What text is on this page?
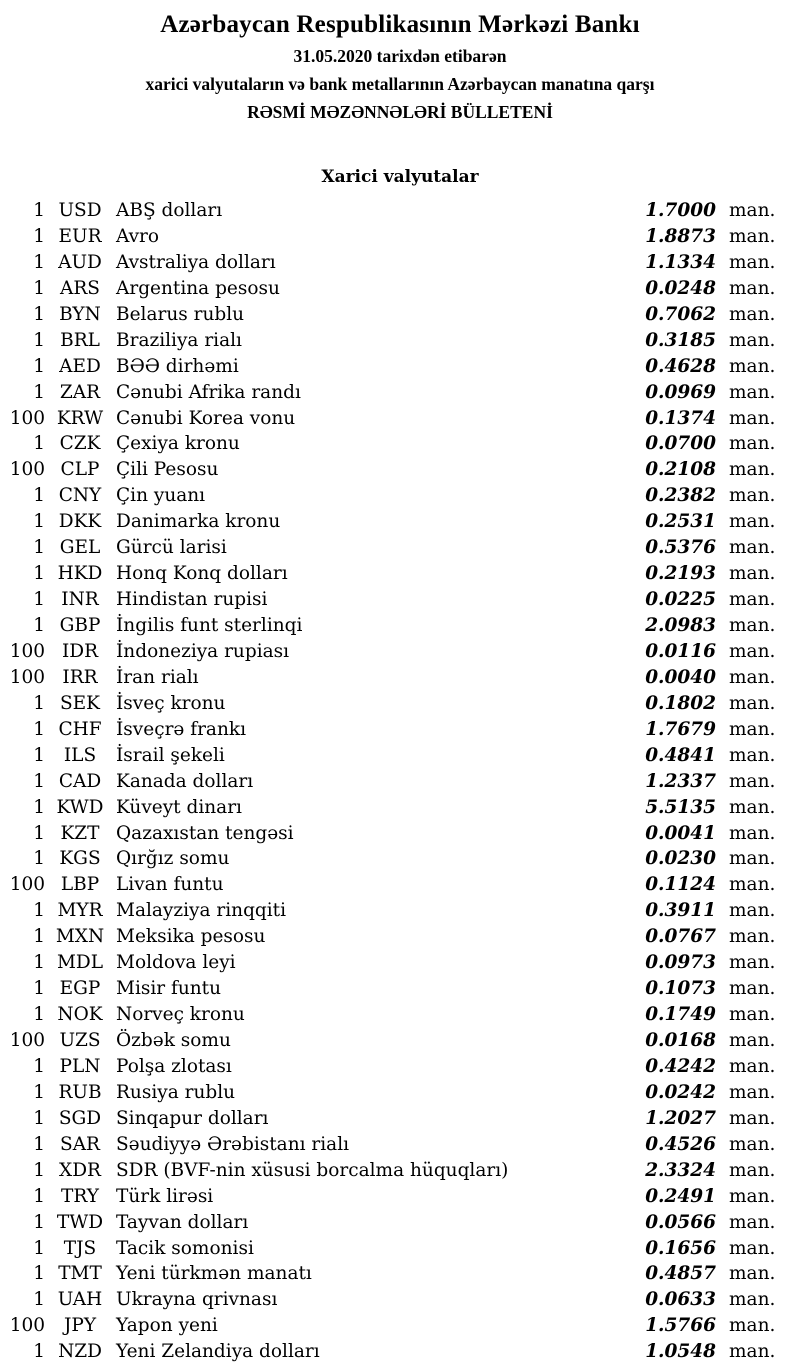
Azərbaycan Respublikasının Mərkəzi Bankı
31.05.2020 tarixdən etibarən
xarici valyutaların və bank metallarının Azərbaycan manatına qarşı
RƏSMİ MƏZƏNNƏLƏRİ BÜLLETENİ
Xarici valyutalar
1 USD ABŞ dolları	1.7000 man.
1 EUR Avro	1.8873 man.
1 AUD Avstraliya dolları	1.1334 man.
1 ARS Argentina pesosu	0.0248 man.
1 BYN Belarus rublu	0.7062 man.
1 BRL Braziliya rialı	0.3185 man.
1 AED BƏƏ dirhəmi	0.4628 man.
1 ZAR Cənubi Afrika randı	0.0969 man.
100 KRW Cənubi Korea vonu	0.1374 man.
1 CZK Çexiya kronu	0.0700 man.
100 CLP Çili Pesosu	0.2108 man.
1 CNY Çin yuanı	0.2382 man.
1 DKK Danimarka kronu	0.2531 man.
1 GEL Gürcü larisi	0.5376 man.
1 HKD Honq Konq dolları	0.2193 man.
1 INR Hindistan rupisi	0.0225 man.
1 GBP İngilis funt sterlinqi	2.0983 man.
100 IDR İndoneziya rupiası	0.0116 man.
100 IRR İran rialı	0.0040 man.
1 SEK İsveç kronu	0.1802 man.
1 CHF İsveçrə frankı	1.7679 man.
1	ILS	İsrail şekeli	0.4841 man.
1 CAD Kanada dolları	1.2337 man.
1 KWD Küveyt dinarı	5.5135 man.
1 KZT Qazaxıstan tengəsi	0.0041 man.
1 KGS Qırğız somu	0.0230 man.
100 LBP Livan funtu	0.1124 man.
1 MYR Malayziya rinqqiti	0.3911 man.
1 MXN Meksika pesosu	0.0767 man.
1 MDL Moldova leyi	0.0973 man.
1 EGP Misir funtu	0.1073 man.
1 NOK Norveç kronu	0.1749 man.
100 UZS Özbək somu	0.0168 man.
1 PLN Polşa zlotası	0.4242 man.
1 RUB Rusiya rublu	0.0242 man.
1 SGD Sinqapur dolları	1.2027 man.
1 SAR Səudiyyə Ərəbistanı rialı	0.4526 man.
1 XDR SDR (BVF-nin xüsusi borcalma hüquqları)	2.3324 man.
1 TRY Türk lirəsi	0.2491 man.
1 TWD Tayvan dolları	0.0566 man.
1	TJS	Tacik somonisi	0.1656 man.
1 TMT Yeni türkmən manatı	0.4857 man.
1 UAH Ukrayna qrivnası	0.0633 man.
100	JPY	Yapon yeni	1.5766 man.
1 NZD Yeni Zelandiya dolları	1.0548 man.
